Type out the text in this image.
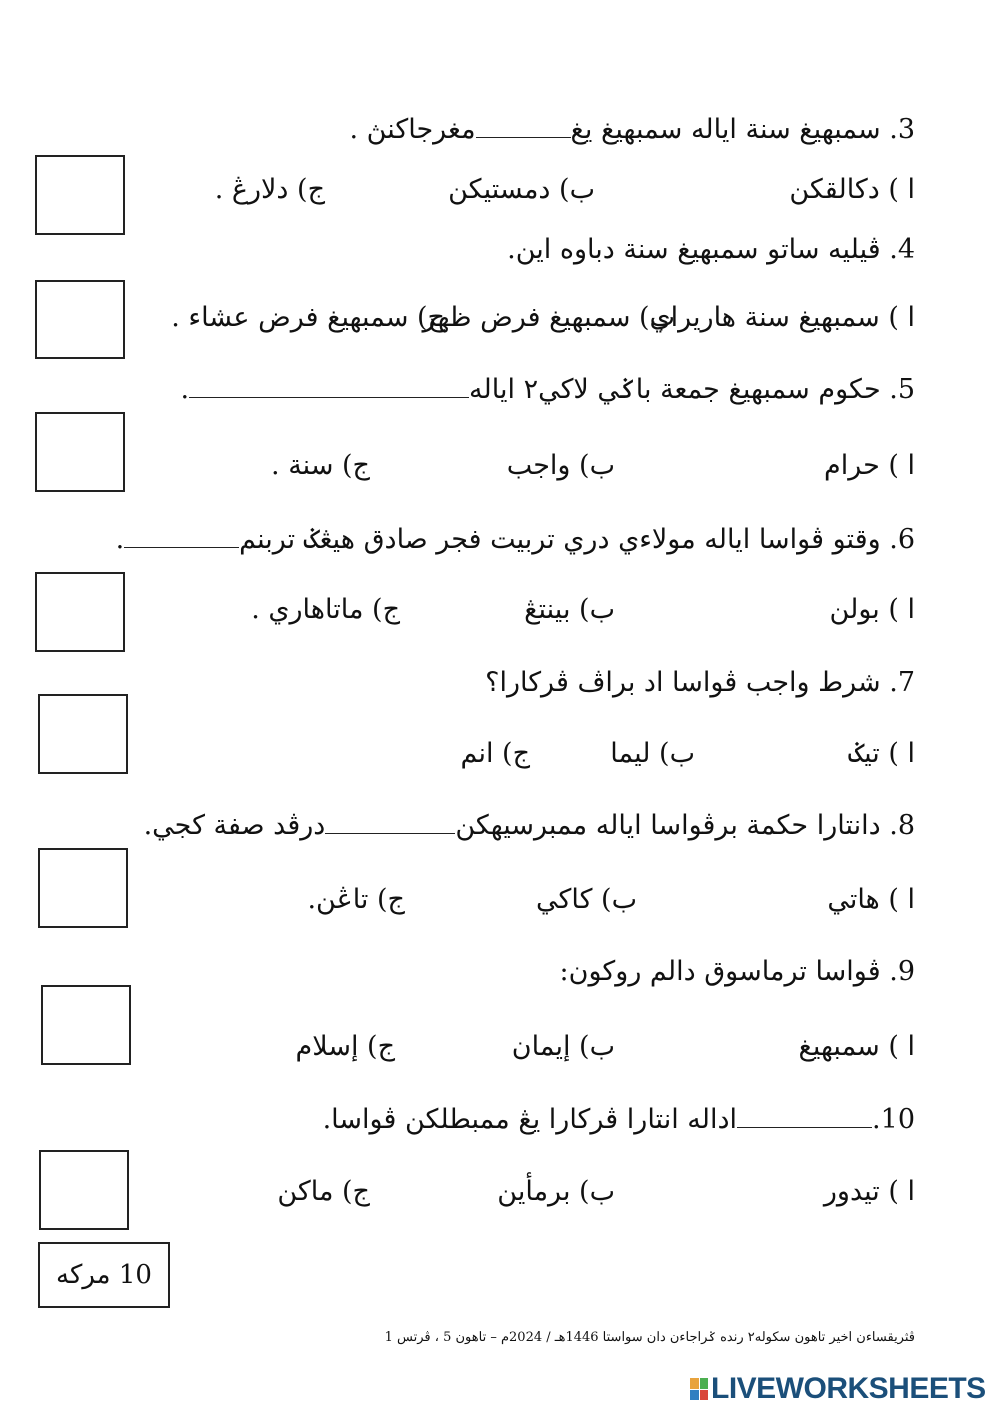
3. سمبهيغ سنة اياله سمبهيغ يغمغرجاکنڽ .
ا ) دکالقکن
ب) دمستيکن
ج) دلارڠ .
4. ڤيليه ساتو سمبهيغ سنة دباوه اين.
ا ) سمبهيغ سنة هاريراي
ب) سمبهيغ فرض ظهر
ج) سمبهيغ فرض عشاء .
5. حکوم سمبهيغ جمعة باݢي لاکي٢ اياله.
ا ) حرام
ب) واجب
ج) سنة .
6. وقتو ڤواسا اياله مولاءي دري تربيت فجر صادق هيڠݢ تربنم.
ا ) بولن
ب) بينتڠ
ج) ماتاهاري .
7. شرط واجب ڤواسا اد براڤ ڤرکارا؟
ا ) تيݢ
ب) ليما
ج) انم
8. دانتارا حکمة برڤواسا اياله ممبرسيهکندرڤد صفة کجي.
ا ) هاتي
ب) کاکي
ج) تاڠن.
9. ڤواسا ترماسوق دالم روکون:
ا ) سمبهيغ
ب) إيمان
ج) إسلام
10.اداله انتارا ڤرکارا يڠ ممبطلکن ڤواسا.
ا ) تيدور
ب) برمأين
ج) ماکن
10 مرکه
ڤثريقساءن اخير تاهون سکوله٢ رنده ݢراجاءن دان سواستا 1446هـ / 2024م – تاهون 5 ، ڤرتس 1
LIVEWORKSHEETS
